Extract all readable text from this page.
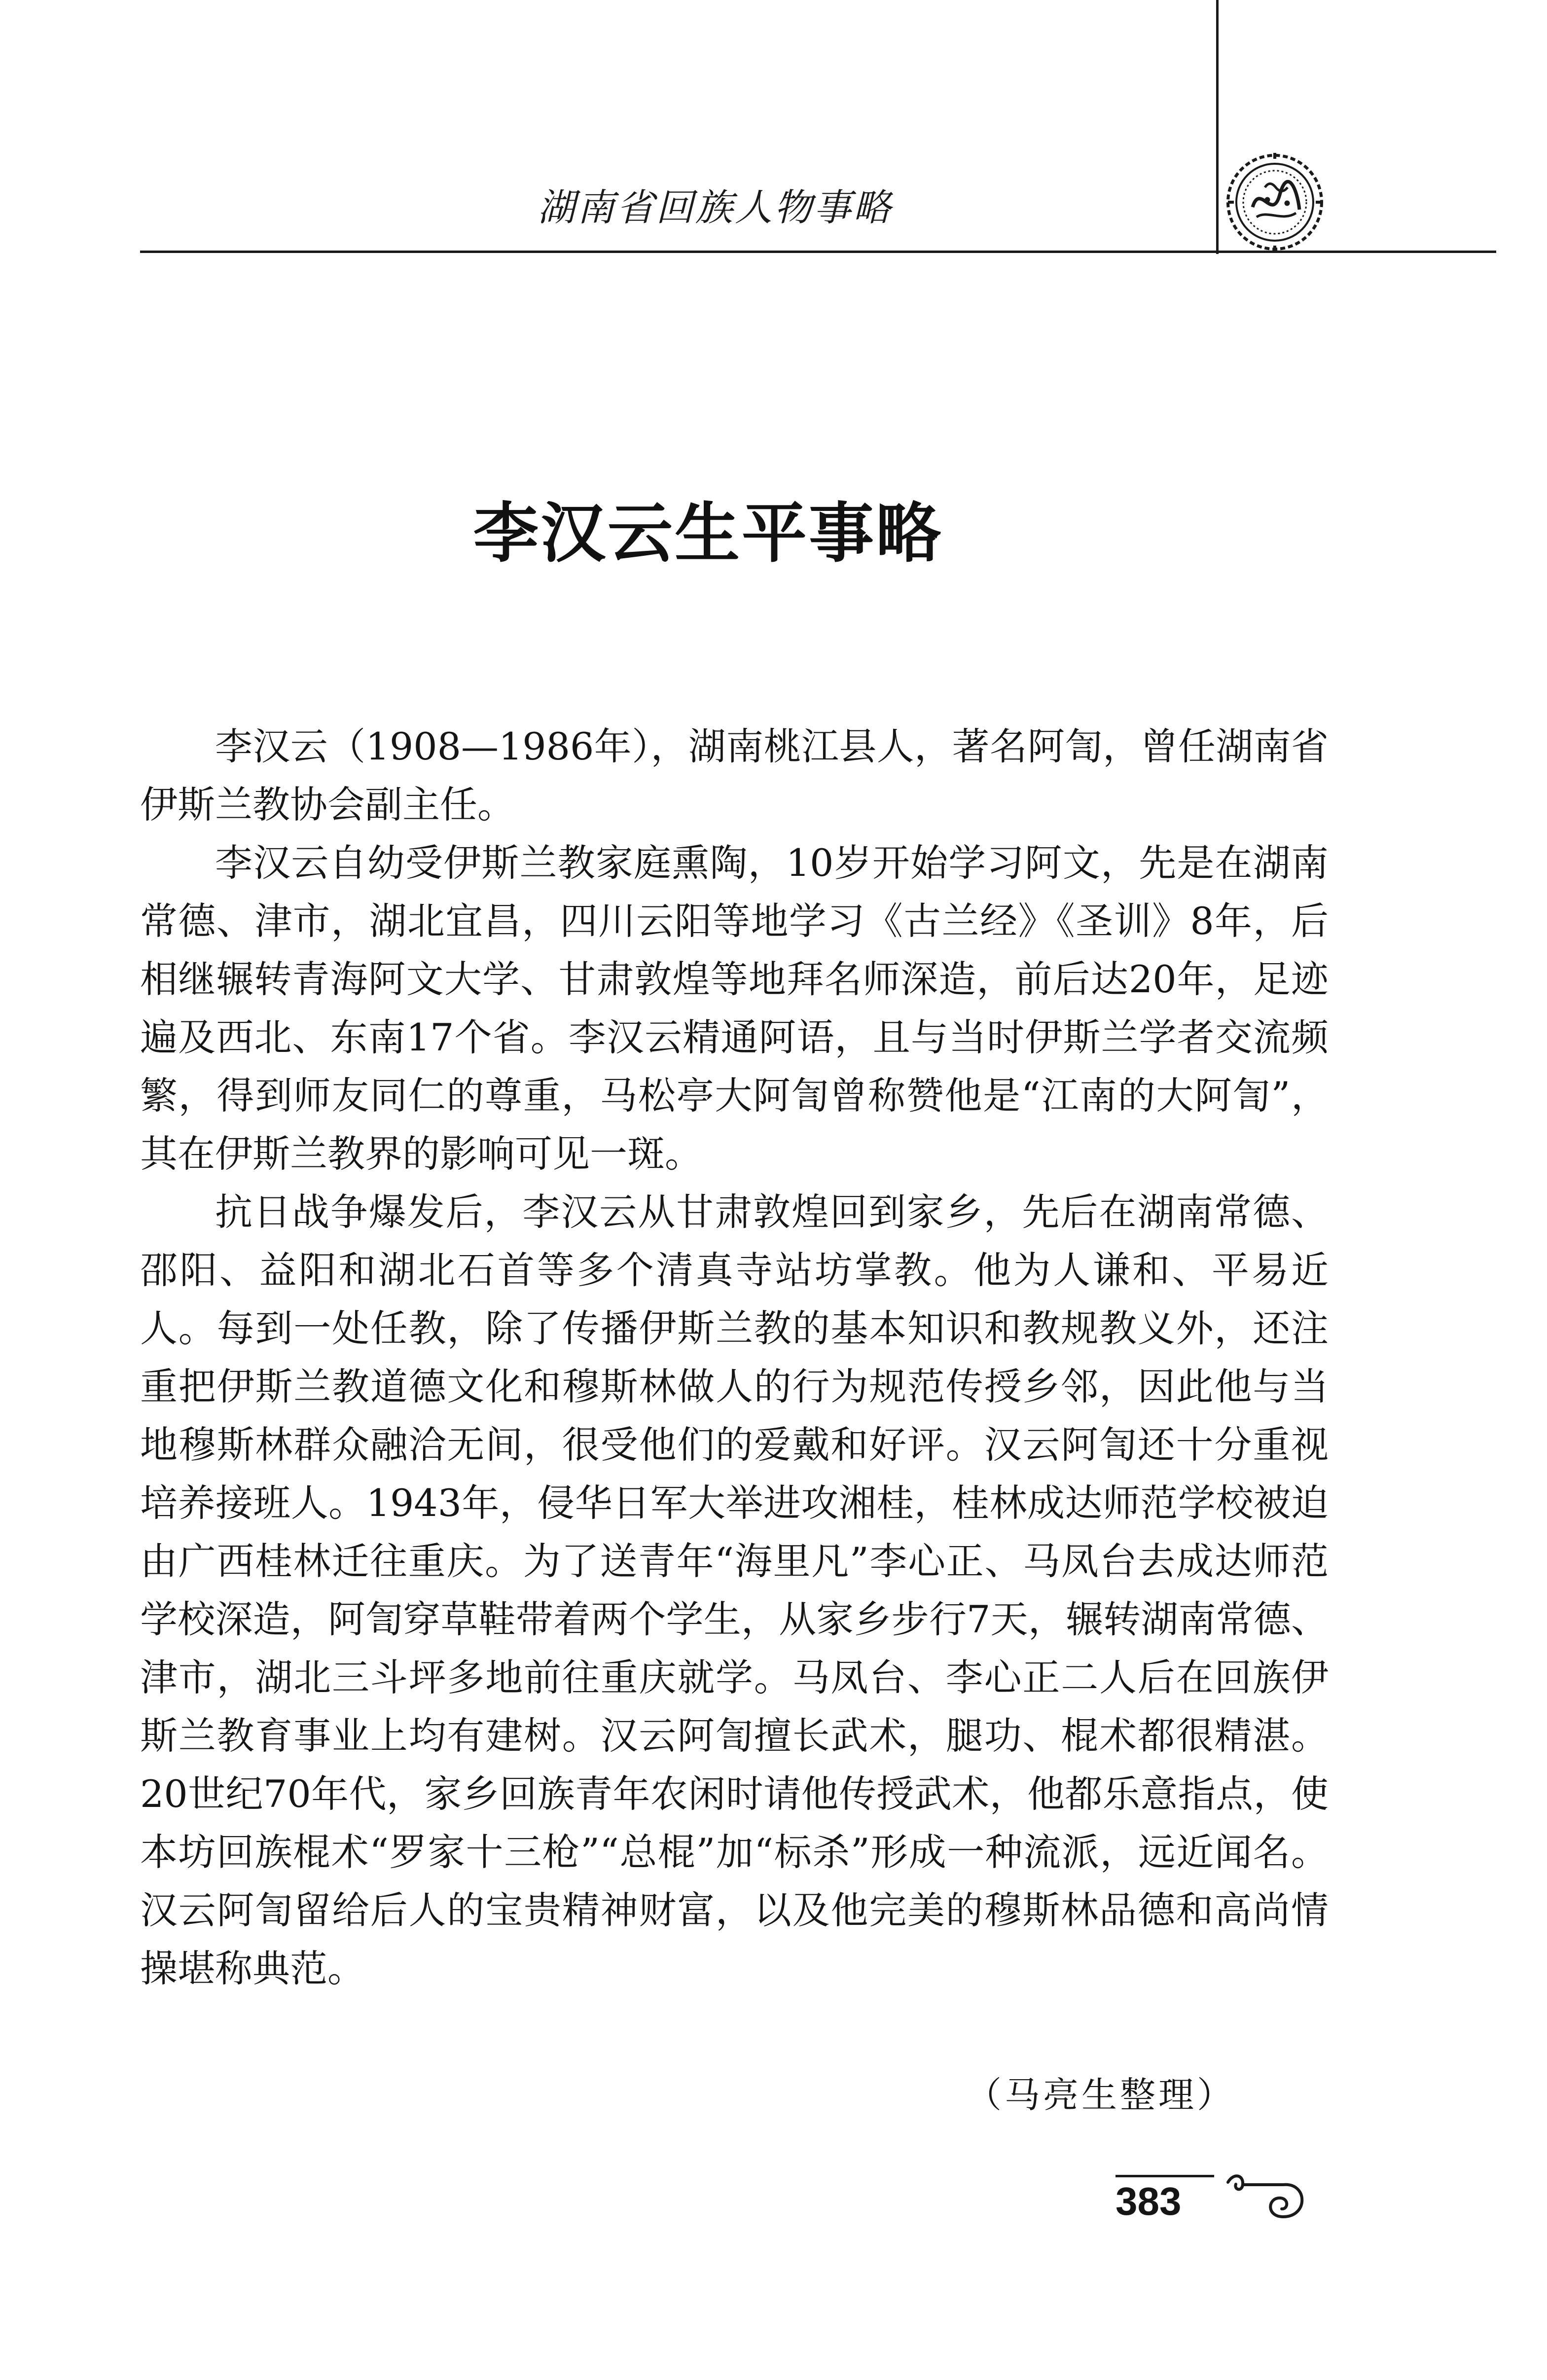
湖南省回族人物事略
李汉云生平事略

李汉云（1908—1986年），湖南桃江县人，著名阿訇，曾任湖南省伊斯兰教协会副主任。

李汉云自幼受伊斯兰教家庭熏陶，10岁开始学习阿文，先是在湖南常德、津市，湖北宜昌，四川云阳等地学习《古兰经》《圣训》8年，后相继辗转青海阿文大学、甘肃敦煌等地拜名师深造，前后达20年，足迹遍及西北、东南17个省。李汉云精通阿语，且与当时伊斯兰学者交流频繁，得到师友同仁的尊重，马松亭大阿訇曾称赞他是“江南的大阿訇”，其在伊斯兰教界的影响可见一斑。

抗日战争爆发后，李汉云从甘肃敦煌回到家乡，先后在湖南常德、邵阳、益阳和湖北石首等多个清真寺站坊掌教。他为人谦和、平易近人。每到一处任教，除了传播伊斯兰教的基本知识和教规教义外，还注重把伊斯兰教道德文化和穆斯林做人的行为规范传授乡邻，因此他与当地穆斯林群众融洽无间，很受他们的爱戴和好评。汉云阿訇还十分重视培养接班人。1943年，侵华日军大举进攻湘桂，桂林成达师范学校被迫由广西桂林迁往重庆。为了送青年“海里凡”李心正、马凤台去成达师范学校深造，阿訇穿草鞋带着两个学生，从家乡步行7天，辗转湖南常德、津市，湖北三斗坪多地前往重庆就学。马凤台、李心正二人后在回族伊斯兰教育事业上均有建树。汉云阿訇擅长武术，腿功、棍术都很精湛。20世纪70年代，家乡回族青年农闲时请他传授武术，他都乐意指点，使本坊回族棍术“罗家十三枪”“总棍”加“标杀”形成一种流派，远近闻名。汉云阿訇留给后人的宝贵精神财富，以及他完美的穆斯林品德和高尚情操堪称典范。

（马亮生整理）
383
